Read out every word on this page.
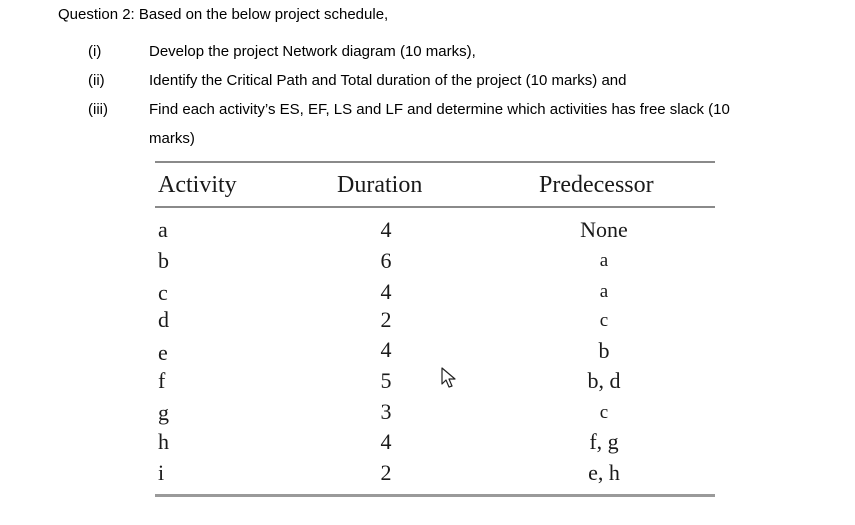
Question 2: Based on the below project schedule,
(i)	Develop the project Network diagram (10 marks),
(ii)	Identify the Critical Path and Total duration of the project (10 marks) and
(iii)	Find each activity’s ES, EF, LS and LF and determine which activities has free slack (10
marks)
Activity	Duration	Predecessor
a	4	None
b	6	a
c	4	a
d	2	c
e	4	b
f	5	b, d
g	3	c
h	4	f, g
i	2	e, h
